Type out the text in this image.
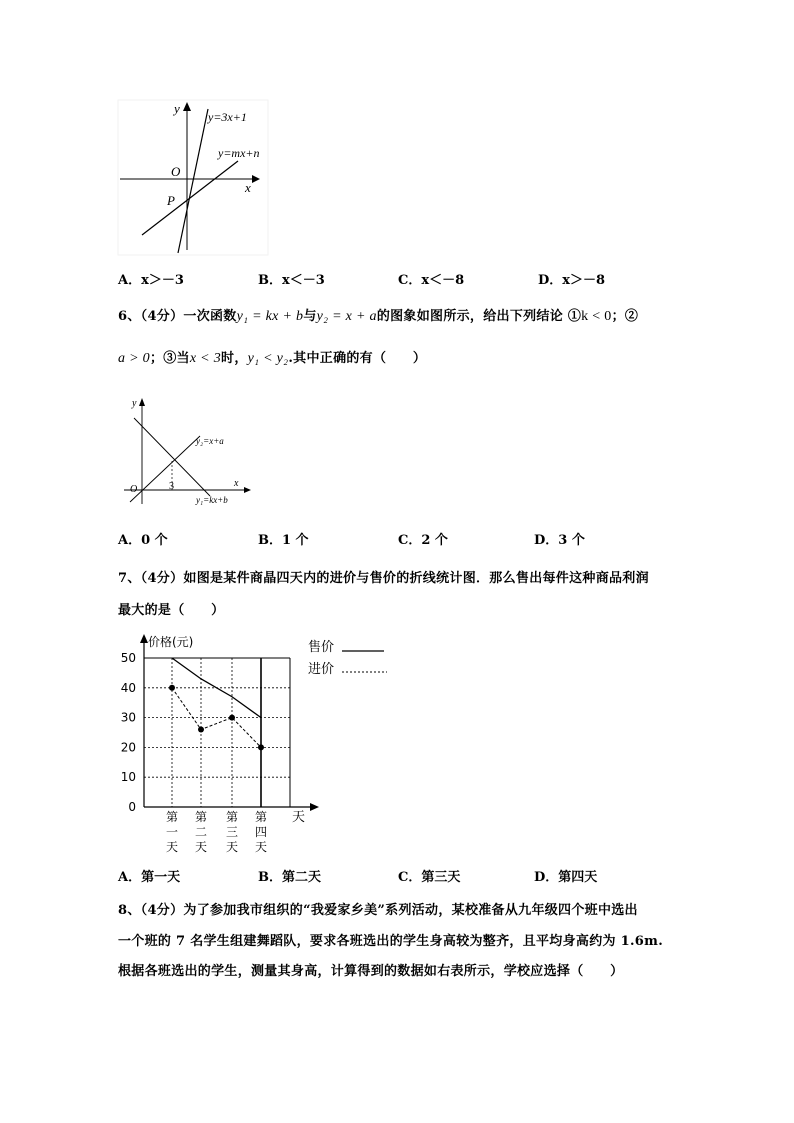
y
x
O
P
y=3x+1
y=mx+n
A．x＞－3	B．x＜－3	C．x＜－8	D．x＞－8
6、（4分）一次函数y₁ = kx + b与y₂ = x + a的图象如图所示，给出下列结论 ①k < 0；②
a > 0；③当x < 3时，y₁ < y₂.其中正确的有（　　）
y
x
O	3
y₂=x+a
y₁=kx+b
A．0 个	B．1 个	C．2 个	D．3 个
7、（4分）如图是某件商晶四天内的进价与售价的折线统计图．那么售出每件这种商品利润
最大的是（　　）
0
10
20
30
40
50
第一天
第二天
第三天
第四天
价格(元)
天
售价
进价
A．第一天	B．第二天	C．第三天	D．第四天
8、（4分）为了参加我市组织的“我爱家乡美”系列活动，某校准备从九年级四个班中选出
一个班的 7 名学生组建舞蹈队，要求各班选出的学生身高较为整齐，且平均身高约为 1.6m.
根据各班选出的学生，测量其身高，计算得到的数据如右表所示，学校应选择（　　）
